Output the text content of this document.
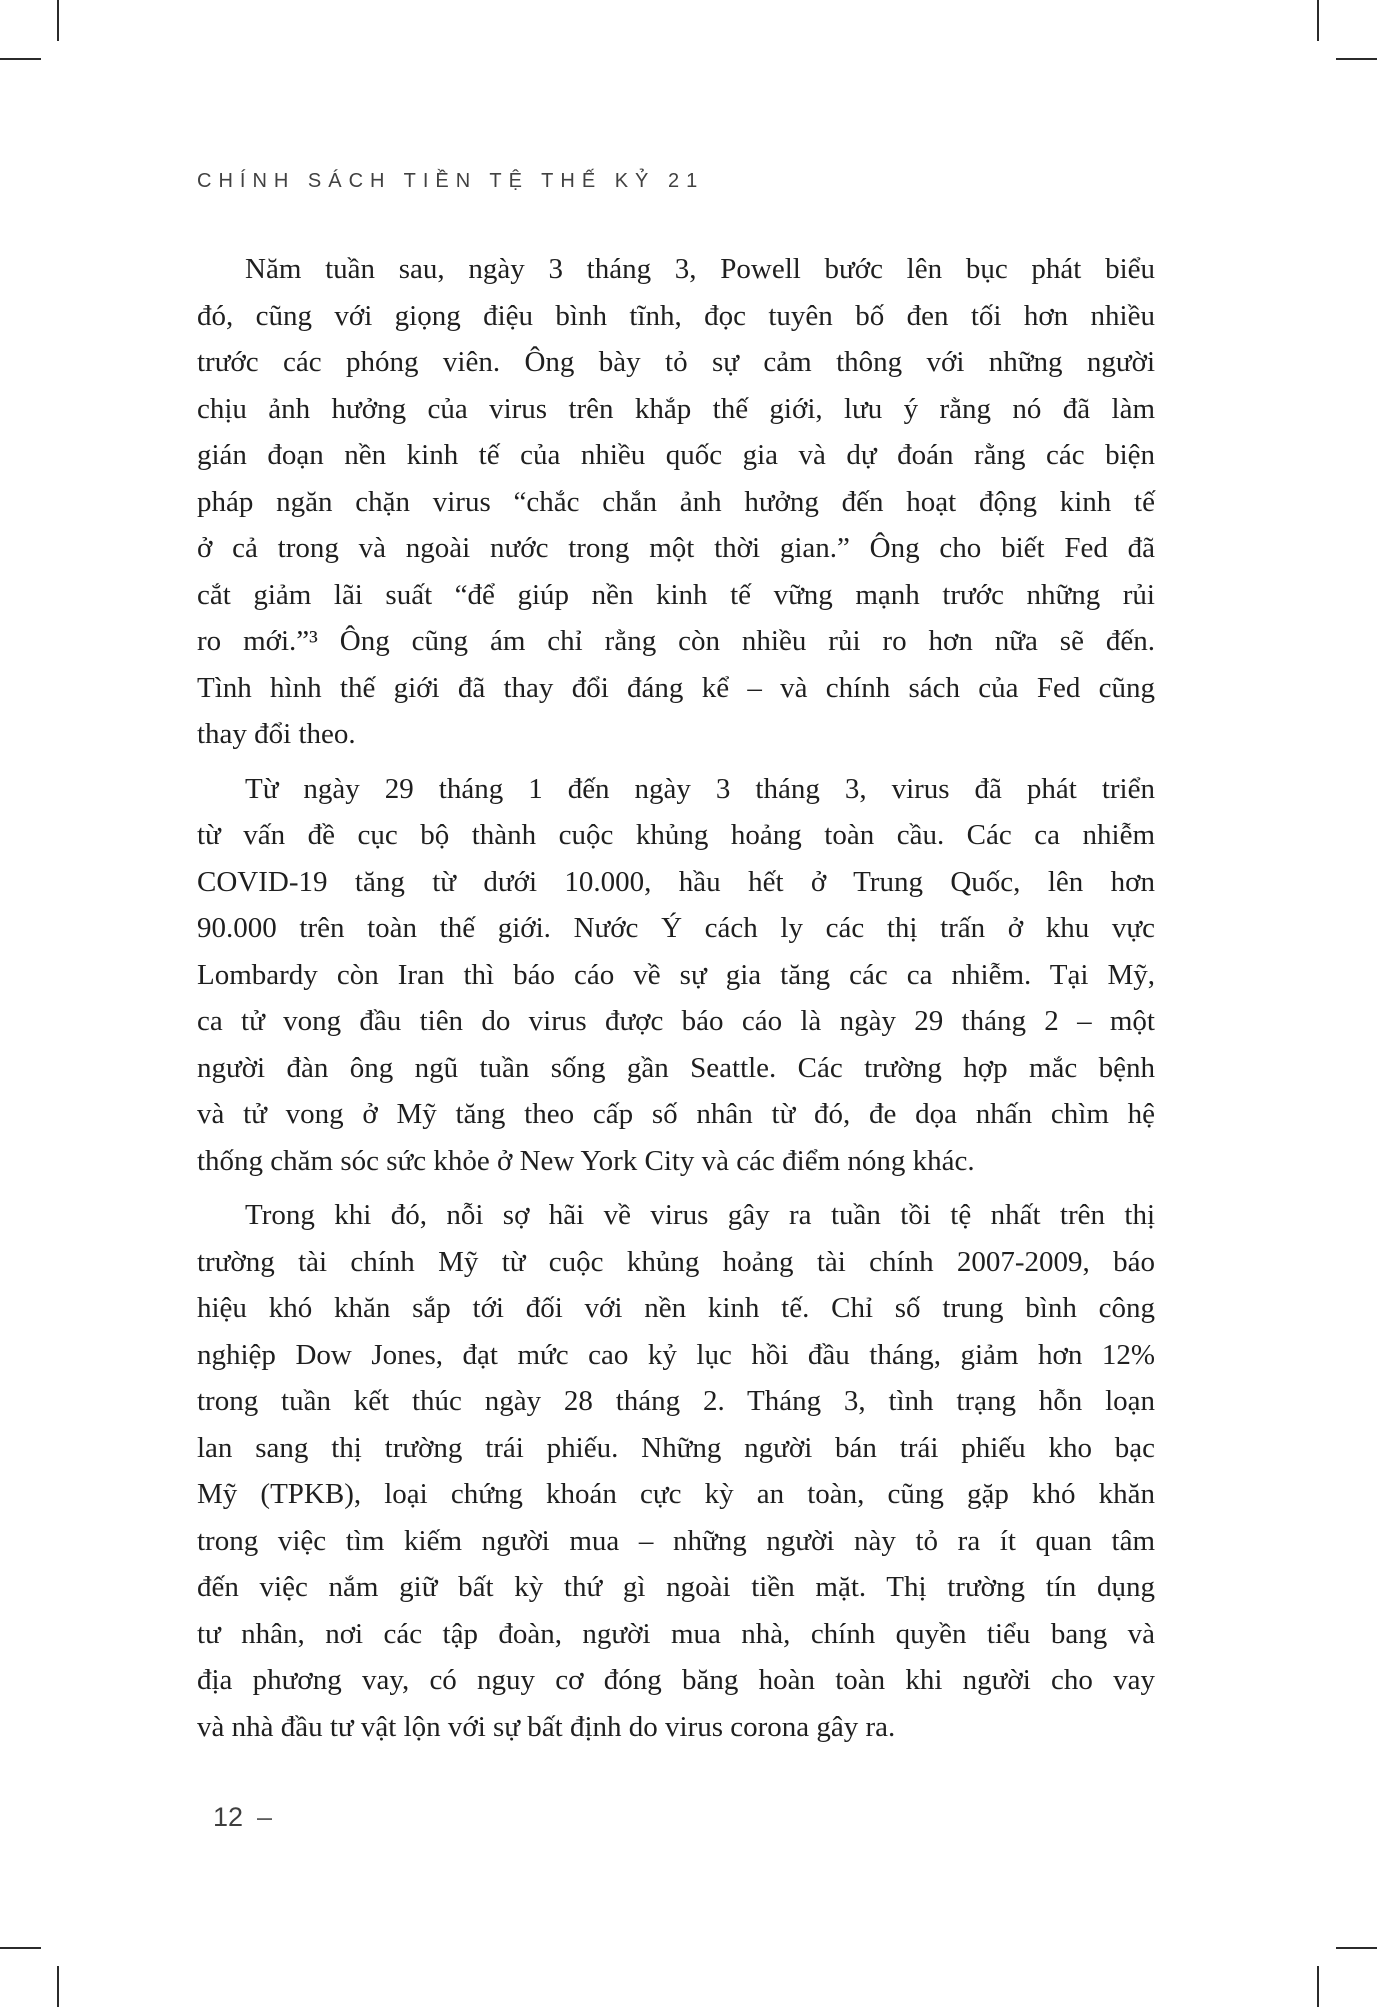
CHÍNH SÁCH TIỀN TỆ THẾ KỶ 21
Năm tuần sau, ngày 3 tháng 3, Powell bước lên bục phát biểu
đó, cũng với giọng điệu bình tĩnh, đọc tuyên bố đen tối hơn nhiều
trước các phóng viên. Ông bày tỏ sự cảm thông với những người
chịu ảnh hưởng của virus trên khắp thế giới, lưu ý rằng nó đã làm
gián đoạn nền kinh tế của nhiều quốc gia và dự đoán rằng các biện
pháp ngăn chặn virus “chắc chắn ảnh hưởng đến hoạt động kinh tế
ở cả trong và ngoài nước trong một thời gian.” Ông cho biết Fed đã
cắt giảm lãi suất “để giúp nền kinh tế vững mạnh trước những rủi
ro mới.”³ Ông cũng ám chỉ rằng còn nhiều rủi ro hơn nữa sẽ đến.
Tình hình thế giới đã thay đổi đáng kể – và chính sách của Fed cũng
thay đổi theo.
Từ ngày 29 tháng 1 đến ngày 3 tháng 3, virus đã phát triển
từ vấn đề cục bộ thành cuộc khủng hoảng toàn cầu. Các ca nhiễm
COVID-19 tăng từ dưới 10.000, hầu hết ở Trung Quốc, lên hơn
90.000 trên toàn thế giới. Nước Ý cách ly các thị trấn ở khu vực
Lombardy còn Iran thì báo cáo về sự gia tăng các ca nhiễm. Tại Mỹ,
ca tử vong đầu tiên do virus được báo cáo là ngày 29 tháng 2 – một
người đàn ông ngũ tuần sống gần Seattle. Các trường hợp mắc bệnh
và tử vong ở Mỹ tăng theo cấp số nhân từ đó, đe dọa nhấn chìm hệ
thống chăm sóc sức khỏe ở New York City và các điểm nóng khác.
Trong khi đó, nỗi sợ hãi về virus gây ra tuần tồi tệ nhất trên thị
trường tài chính Mỹ từ cuộc khủng hoảng tài chính 2007-2009, báo
hiệu khó khăn sắp tới đối với nền kinh tế. Chỉ số trung bình công
nghiệp Dow Jones, đạt mức cao kỷ lục hồi đầu tháng, giảm hơn 12%
trong tuần kết thúc ngày 28 tháng 2. Tháng 3, tình trạng hỗn loạn
lan sang thị trường trái phiếu. Những người bán trái phiếu kho bạc
Mỹ (TPKB), loại chứng khoán cực kỳ an toàn, cũng gặp khó khăn
trong việc tìm kiếm người mua – những người này tỏ ra ít quan tâm
đến việc nắm giữ bất kỳ thứ gì ngoài tiền mặt. Thị trường tín dụng
tư nhân, nơi các tập đoàn, người mua nhà, chính quyền tiểu bang và
địa phương vay, có nguy cơ đóng băng hoàn toàn khi người cho vay
và nhà đầu tư vật lộn với sự bất định do virus corona gây ra.
12 –
